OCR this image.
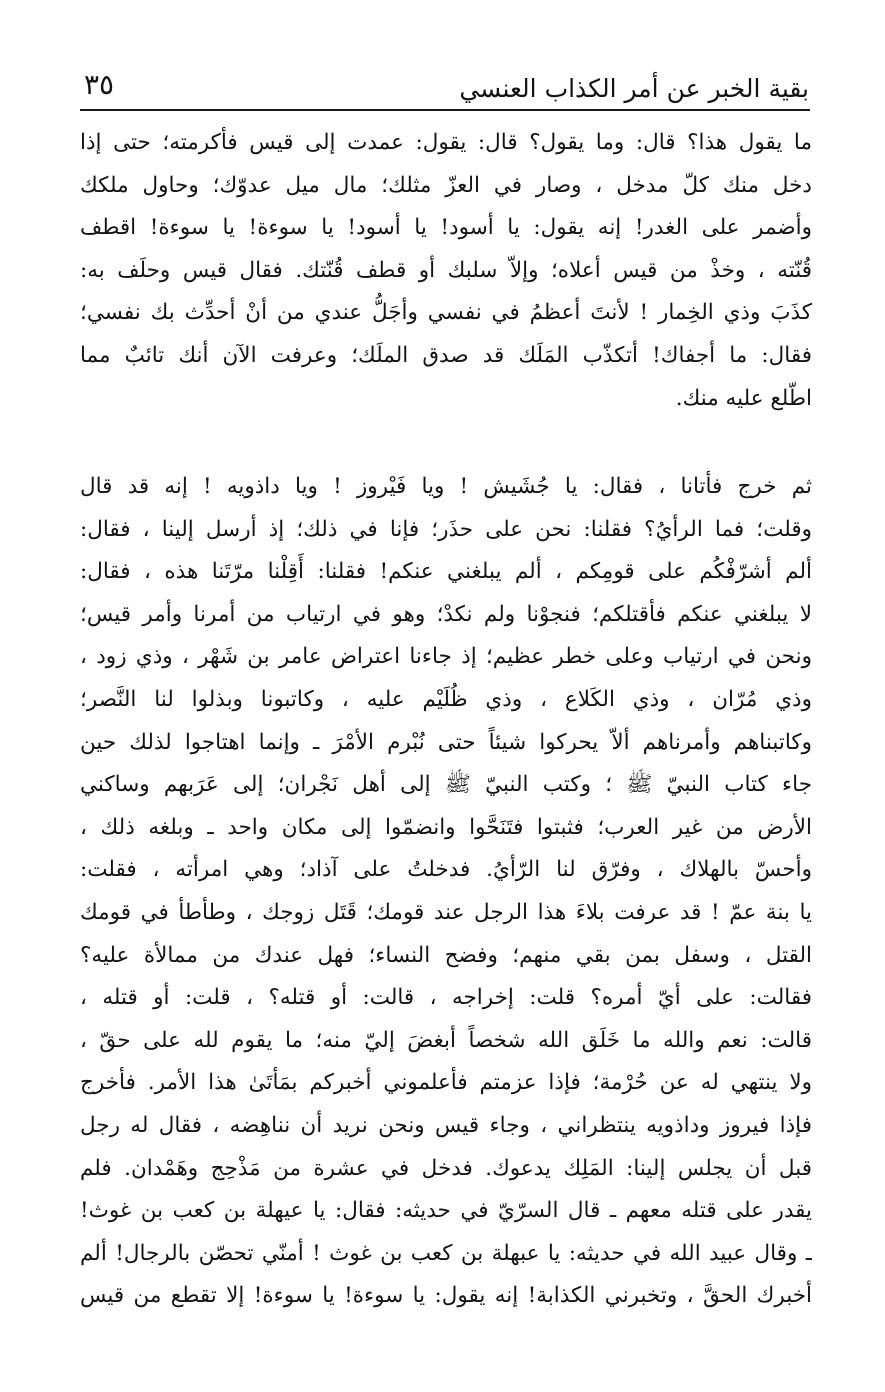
بقية الخبر عن أمر الكذاب العنسي
٣٥
ما يقول هذا؟ قال: وما يقول؟ قال: يقول: عمدت إلى قيس فأكرمته؛ حتى إذا
دخل منك كلّ مدخل ، وصار في العزّ مثلك؛ مال ميل عدوّك؛ وحاول ملكك
وأضمر على الغدر! إنه يقول: يا أسود! يا أسود! يا سوءة! يا سوءة! اقطف
قُنّته ، وخذْ من قيس أعلاه؛ وإلاّ سلبك أو قطف قُنّتك. فقال قيس وحلَف به:
كذَبَ وذي الخِمار ! لأنتَ أعظمُ في نفسي وأجَلُّ عندي من أنْ أحدِّث بك نفسي؛
فقال: ما أجفاك! أتكذّب المَلَك قد صدق الملَك؛ وعرفت الآن أنك تائبٌ مما
اطّلع عليه منك.
ثم خرج فأتانا ، فقال: يا جُشَيش ! ويا فَيْروز ! ويا داذويه ! إنه قد قال
وقلت؛ فما الرأيُ؟ فقلنا: نحن على حذَر؛ فإنا في ذلك؛ إذ أرسل إلينا ، فقال:
ألم أشرّفْكُم على قومِكم ، ألم يبلغني عنكم! فقلنا: أَقِلْنا مرّتَنا هذه ، فقال:
لا يبلغني عنكم فأقتلكم؛ فنجوْنا ولم نكدْ؛ وهو في ارتياب من أمرنا وأمر قيس؛
ونحن في ارتياب وعلى خطر عظيم؛ إذ جاءنا اعتراض عامر بن شَهْر ، وذي زود ،
وذي مُرّان ، وذي الكَلاع ، وذي ظُلَيْم عليه ، وكاتبونا وبذلوا لنا النَّصر؛
وكاتبناهم وأمرناهم ألاّ يحركوا شيئاً حتى نُبْرم الأمْرَ ـ وإنما اهتاجوا لذلك حين
جاء كتاب النبيّ ﷺ ؛ وكتب النبيّ ﷺ إلى أهل نَجْران؛ إلى عَرَبهم وساكني
الأرض من غير العرب؛ فثبتوا فتَنَحَّوا وانضمّوا إلى مكان واحد ـ وبلغه ذلك ،
وأحسّ بالهلاك ، وفرّق لنا الرّأيُ. فدخلتُ على آذاد؛ وهي امرأته ، فقلت:
يا بنة عمّ ! قد عرفت بلاءَ هذا الرجل عند قومك؛ قَتَل زوجك ، وطأطأ في قومك
القتل ، وسفل بمن بقي منهم؛ وفضح النساء؛ فهل عندك من ممالأة عليه؟
فقالت: على أيّ أمره؟ قلت: إخراجه ، قالت: أو قتله؟ ، قلت: أو قتله ،
قالت: نعم والله ما خَلَق الله شخصاً أبغضَ إليّ منه؛ ما يقوم لله على حقّ ،
ولا ينتهي له عن حُرْمة؛ فإذا عزمتم فأعلموني أخبركم بمَأتَىٰ هذا الأمر. فأخرج
فإذا فيروز وداذويه ينتظراني ، وجاء قيس ونحن نريد أن نناهِضه ، فقال له رجل
قبل أن يجلس إلينا: المَلِك يدعوك. فدخل في عشرة من مَذْحِج وهَمْدان. فلم
يقدر على قتله معهم ـ قال السرّيّ في حديثه: فقال: يا عيهلة بن كعب بن غوث!
ـ وقال عبيد الله في حديثه: يا عبهلة بن كعب بن غوث ! أمنّي تحصّن بالرجال! ألم
أخبرك الحقَّ ، وتخبرني الكذابة! إنه يقول: يا سوءة! يا سوءة! إلا تقطع من قيس
